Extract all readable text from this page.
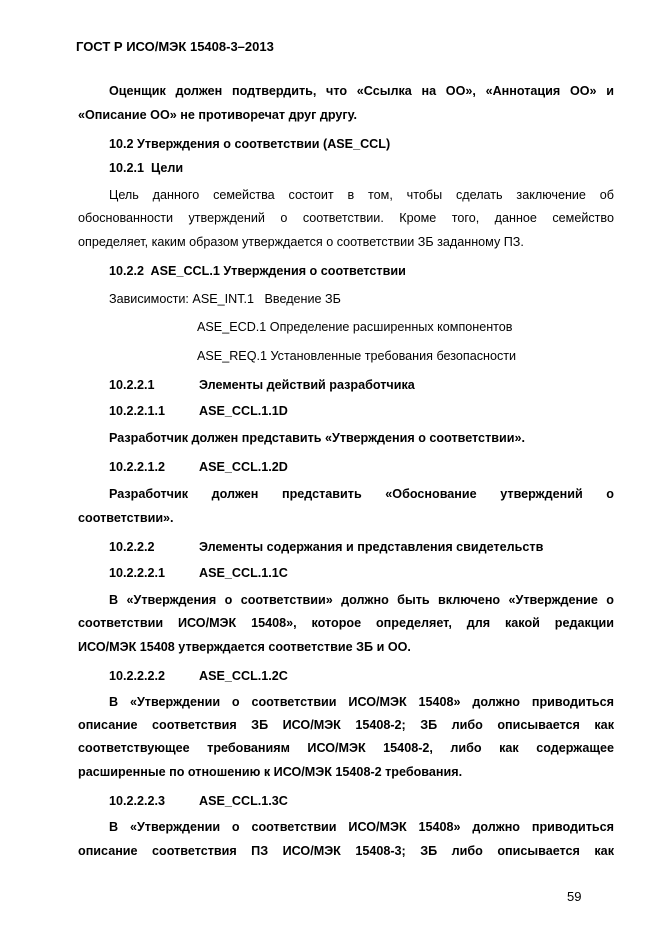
ГОСТ Р ИСО/МЭК 15408-3–2013
Оценщик должен подтвердить, что «Ссылка на ОО», «Аннотация ОО» и
«Описание ОО» не противоречат друг другу.
10.2 Утверждения о соответствии (ASE_CCL)
10.2.1 Цели
Цель данного семейства состоит в том, чтобы сделать заключение об
обоснованности утверждений о соответствии. Кроме того, данное семейство
определяет, каким образом утверждается о соответствии ЗБ заданному ПЗ.
10.2.2 ASE_CCL.1 Утверждения о соответствии
Зависимости: ASE_INT.1   Введение ЗБ
ASE_ECD.1 Определение расширенных компонентов
ASE_REQ.1 Установленные требования безопасности
10.2.2.1	Элементы действий разработчика
10.2.2.1.1	ASE_CCL.1.1D
Разработчик должен представить «Утверждения о соответствии».
10.2.2.1.2	ASE_CCL.1.2D
Разработчик должен представить «Обоснование утверждений о
соответствии».
10.2.2.2	Элементы содержания и представления свидетельств
10.2.2.2.1	ASE_CCL.1.1C
В «Утверждения о соответствии» должно быть включено «Утверждение о
соответствии ИСО/МЭК 15408», которое определяет, для какой редакции
ИСО/МЭК 15408 утверждается соответствие ЗБ и ОО.
10.2.2.2.2	ASE_CCL.1.2C
В «Утверждении о соответствии ИСО/МЭК 15408» должно приводиться
описание соответствия ЗБ ИСО/МЭК 15408-2; ЗБ либо описывается как
соответствующее требованиям ИСО/МЭК 15408-2, либо как содержащее
расширенные по отношению к ИСО/МЭК 15408-2 требования.
10.2.2.2.3	ASE_CCL.1.3C
В «Утверждении о соответствии ИСО/МЭК 15408» должно приводиться
описание соответствия ПЗ ИСО/МЭК 15408-3; ЗБ либо описывается как
59
